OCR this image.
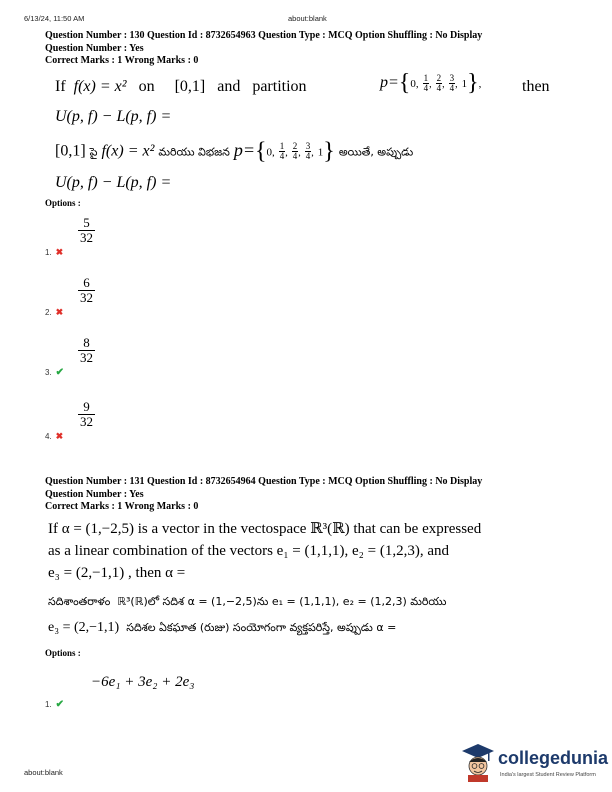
6/13/24, 11:50 AM	about:blank
Question Number : 130 Question Id : 8732654963 Question Type : MCQ Option Shuffling : No Display
Question Number : Yes
Correct Marks : 1 Wrong Marks : 0
If f(x) = x² on [0,1] and partition	p={0, $\frac{1}{4}$ , $\frac{2}{4}$ , $\frac{3}{4}$ , 1},	then
U(p, f) − L(p, f) =
[0,1] పై f(x) = x² మరియు విభజన p={0, $\frac{1}{4}$ , $\frac{2}{4}$ , $\frac{3}{4}$ , 1} అయితే, అప్పుడు
U(p, f) − L(p, f) =
Options :
$\frac{5}{32}$
1. ✖
$\frac{6}{32}$
2. ✖
$\frac{8}{32}$
3. ✔
$\frac{9}{32}$
4. ✖
Question Number : 131 Question Id : 8732654964 Question Type : MCQ Option Shuffling : No Display
Question Number : Yes
Correct Marks : 1 Wrong Marks : 0
If α = (1,−2,5) is a vector in the vectospace ℝ³(ℝ) that can be expressed
as a linear combination of the vectors e₁ = (1,1,1), e₂ = (1,2,3), and
e₃ = (2,−1,1) , then α =
సదిశాంతరాళం ℝ³(ℝ)లో సదిశ α = (1,−2,5)ను e₁ = (1,1,1), e₂ = (1,2,3) మరియు
e₃ = (2,−1,1) సదిశల ఏకఘాత (రుజు) సంయోగంగా వ్యక్తపరిస్తే, అప్పుడు α =
Options :
−6e₁ + 3e₂ + 2e₃
1. ✔
about:blank
collegedunia
India's largest Student Review Platform
